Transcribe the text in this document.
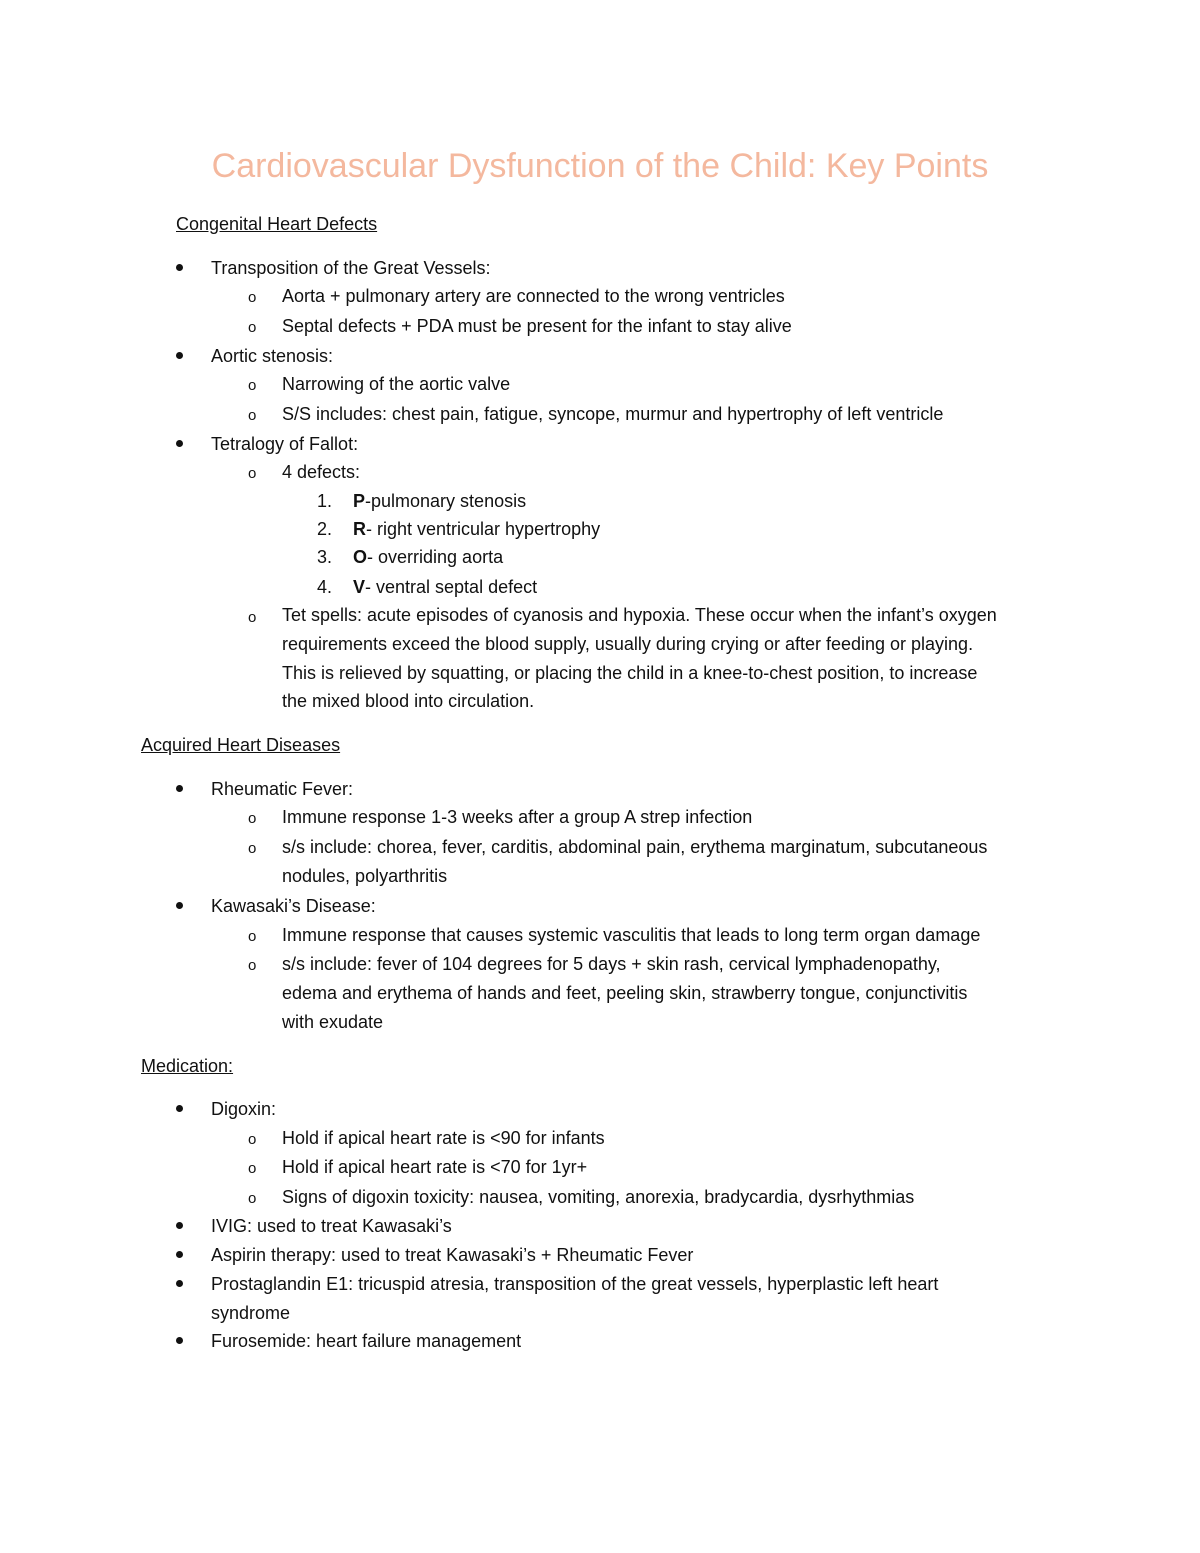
Cardiovascular Dysfunction of the Child: Key Points
Congenital Heart Defects
Transposition of the Great Vessels:
o Aorta + pulmonary artery are connected to the wrong ventricles
o Septal defects + PDA must be present for the infant to stay alive
Aortic stenosis:
o Narrowing of the aortic valve
o S/S includes: chest pain, fatigue, syncope, murmur and hypertrophy of left ventricle
Tetralogy of Fallot:
o 4 defects:
1. P-pulmonary stenosis
2. R- right ventricular hypertrophy
3. O- overriding aorta
4. V- ventral septal defect
o Tet spells: acute episodes of cyanosis and hypoxia. These occur when the infant’s oxygen
requirements exceed the blood supply, usually during crying or after feeding or playing.
This is relieved by squatting, or placing the child in a knee-to-chest position, to increase
the mixed blood into circulation.
Acquired Heart Diseases
Rheumatic Fever:
o Immune response 1-3 weeks after a group A strep infection
o s/s include: chorea, fever, carditis, abdominal pain, erythema marginatum, subcutaneous
nodules, polyarthritis
Kawasaki’s Disease:
o Immune response that causes systemic vasculitis that leads to long term organ damage
o s/s include: fever of 104 degrees for 5 days + skin rash, cervical lymphadenopathy,
edema and erythema of hands and feet, peeling skin, strawberry tongue, conjunctivitis
with exudate
Medication:
Digoxin:
o Hold if apical heart rate is <90 for infants
o Hold if apical heart rate is <70 for 1yr+
o Signs of digoxin toxicity: nausea, vomiting, anorexia, bradycardia, dysrhythmias
IVIG: used to treat Kawasaki’s
Aspirin therapy: used to treat Kawasaki’s + Rheumatic Fever
Prostaglandin E1: tricuspid atresia, transposition of the great vessels, hyperplastic left heart
syndrome
Furosemide: heart failure management
